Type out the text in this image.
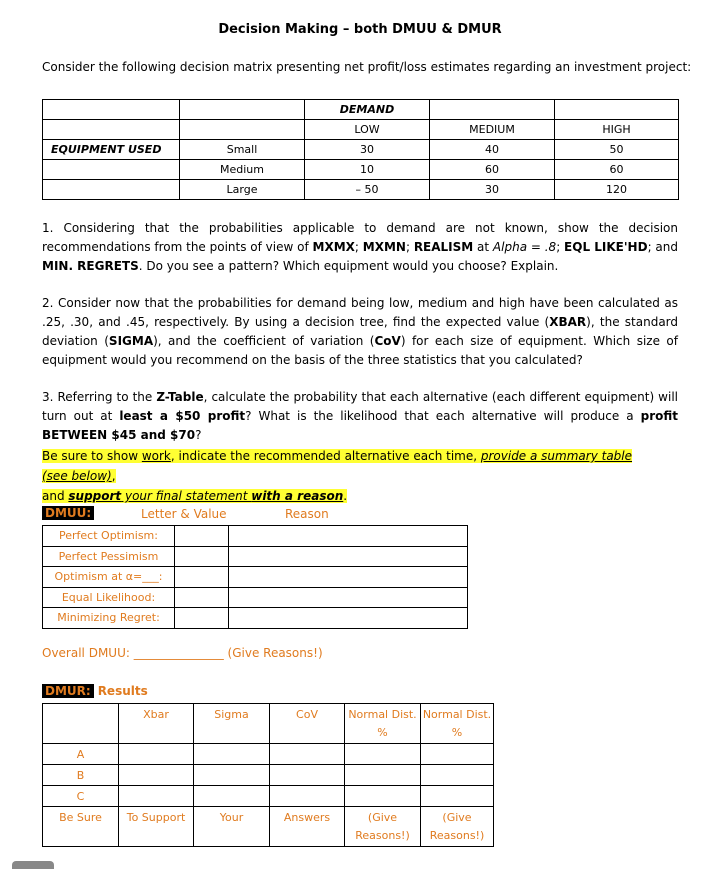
Decision Making – both DMUU & DMUR
Consider the following decision matrix presenting net profit/loss estimates regarding an investment project:
		DEMAND		
		LOW	MEDIUM	HIGH
EQUIPMENT USED	Small	30	40	50
	Medium	10	60	60
	Large	– 50	30	120
1. Considering that the probabilities applicable to demand are not known, show the decision recommendations from the points of view of MXMX; MXMN; REALISM at Alpha = .8; EQL LIKE'HD; and MIN. REGRETS. Do you see a pattern? Which equipment would you choose? Explain.
2. Consider now that the probabilities for demand being low, medium and high have been calculated as .25, .30, and .45, respectively. By using a decision tree, find the expected value (XBAR), the standard deviation (SIGMA), and the coefficient of variation (CoV) for each size of equipment. Which size of equipment would you recommend on the basis of the three statistics that you calculated?
3. Referring to the Z-Table, calculate the probability that each alternative (each different equipment) will turn out at least a $50 profit? What is the likelihood that each alternative will produce a profit BETWEEN $45 and $70?
Be sure to show work, indicate the recommended alternative each time, provide a summary table (see below),
and support your final statement with a reason.
DMUU:	Letter & Value	Reason
Perfect Optimism:		
Perfect Pessimism		
Optimism at α=___:		
Equal Likelihood:		
Minimizing Regret:		
Overall DMUU: _______________ (Give Reasons!)
DMUR: Results
	Xbar	Sigma	CoV	Normal Dist. %	Normal Dist. %
A					
B					
C					
Be Sure	To Support	Your	Answers	(Give Reasons!)	(Give Reasons!)
